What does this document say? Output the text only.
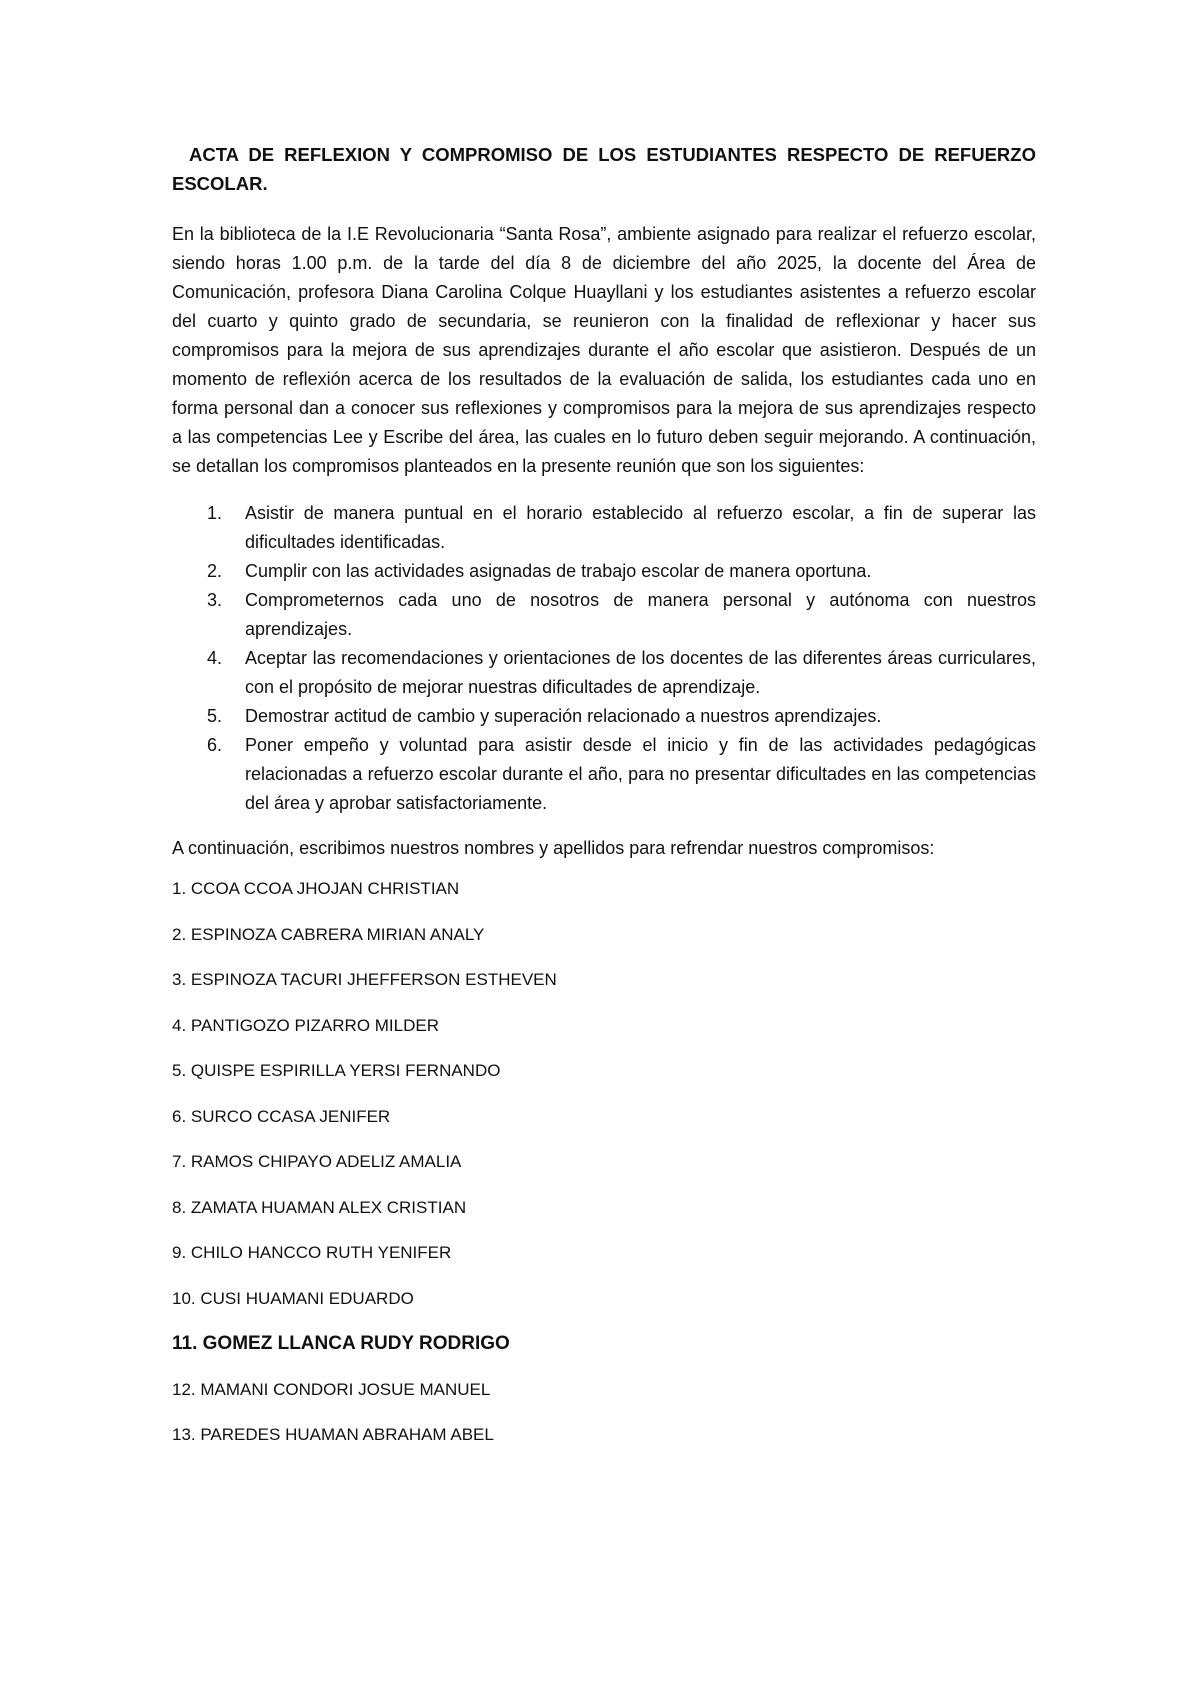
ACTA DE REFLEXION Y COMPROMISO DE LOS ESTUDIANTES RESPECTO DE REFUERZO ESCOLAR.

En la biblioteca de la I.E Revolucionaria “Santa Rosa”, ambiente asignado para realizar el refuerzo escolar, siendo horas 1.00 p.m. de la tarde del día 8 de diciembre del año 2025, la docente del Área de Comunicación, profesora Diana Carolina Colque Huayllani y los estudiantes asistentes a refuerzo escolar del cuarto y quinto grado de secundaria, se reunieron con la finalidad de reflexionar y hacer sus compromisos para la mejora de sus aprendizajes durante el año escolar que asistieron. Después de un momento de reflexión acerca de los resultados de la evaluación de salida, los estudiantes cada uno en forma personal dan a conocer sus reflexiones y compromisos para la mejora de sus aprendizajes respecto a las competencias Lee y Escribe del área, las cuales en lo futuro deben seguir mejorando. A continuación, se detallan los compromisos planteados en la presente reunión que son los siguientes:

1. Asistir de manera puntual en el horario establecido al refuerzo escolar, a fin de superar las dificultades identificadas.
2. Cumplir con las actividades asignadas de trabajo escolar de manera oportuna.
3. Comprometernos cada uno de nosotros de manera personal y autónoma con nuestros aprendizajes.
4. Aceptar las recomendaciones y orientaciones de los docentes de las diferentes áreas curriculares, con el propósito de mejorar nuestras dificultades de aprendizaje.
5. Demostrar actitud de cambio y superación relacionado a nuestros aprendizajes.
6. Poner empeño y voluntad para asistir desde el inicio y fin de las actividades pedagógicas relacionadas a refuerzo escolar durante el año, para no presentar dificultades en las competencias del área y aprobar satisfactoriamente.

A continuación, escribimos nuestros nombres y apellidos para refrendar nuestros compromisos:

1. CCOA CCOA JHOJAN CHRISTIAN
2. ESPINOZA CABRERA MIRIAN ANALY
3. ESPINOZA TACURI JHEFFERSON ESTHEVEN
4. PANTIGOZO PIZARRO MILDER
5. QUISPE ESPIRILLA YERSI FERNANDO
6. SURCO CCASA JENIFER
7. RAMOS CHIPAYO ADELIZ AMALIA
8. ZAMATA HUAMAN ALEX CRISTIAN
9. CHILO HANCCO RUTH YENIFER
10. CUSI HUAMANI EDUARDO
11. GOMEZ LLANCA RUDY RODRIGO
12. MAMANI CONDORI JOSUE MANUEL
13. PAREDES HUAMAN ABRAHAM ABEL
